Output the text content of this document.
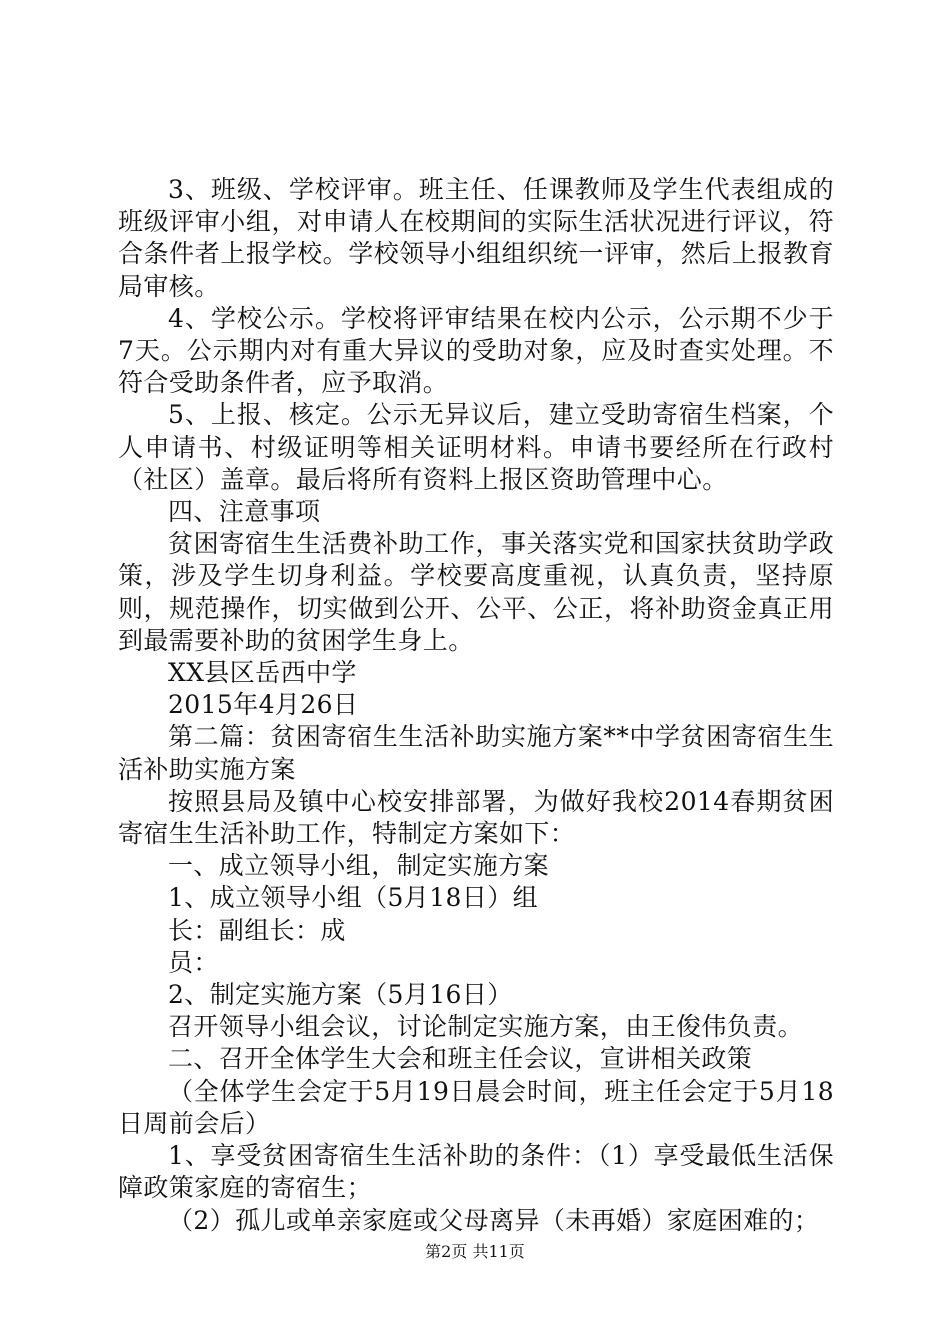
3、班级、学校评审。班主任、任课教师及学生代表组成的班级评审小组，对申请人在校期间的实际生活状况进行评议，符合条件者上报学校。学校领导小组组织统一评审，然后上报教育局审核。

4、学校公示。学校将评审结果在校内公示，公示期不少于7天。公示期内对有重大异议的受助对象，应及时查实处理。不符合受助条件者，应予取消。

5、上报、核定。公示无异议后，建立受助寄宿生档案，个人申请书、村级证明等相关证明材料。申请书要经所在行政村（社区）盖章。最后将所有资料上报区资助管理中心。

四、注意事项

贫困寄宿生生活费补助工作，事关落实党和国家扶贫助学政策，涉及学生切身利益。学校要高度重视，认真负责，坚持原则，规范操作，切实做到公开、公平、公正，将补助资金真正用到最需要补助的贫困学生身上。

XX县区岳西中学

2015年4月26日

第二篇：贫困寄宿生生活补助实施方案**中学贫困寄宿生生活补助实施方案

按照县局及镇中心校安排部署，为做好我校2014春期贫困寄宿生生活补助工作，特制定方案如下：

一、成立领导小组，制定实施方案

1、成立领导小组（5月18日）组

长：副组长：成

员：

2、制定实施方案（5月16日）

召开领导小组会议，讨论制定实施方案，由王俊伟负责。

二、召开全体学生大会和班主任会议，宣讲相关政策

（全体学生会定于5月19日晨会时间，班主任会定于5月18日周前会后）

1、享受贫困寄宿生生活补助的条件：（1）享受最低生活保障政策家庭的寄宿生；

（2）孤儿或单亲家庭或父母离异（未再婚）家庭困难的；

第2页 共11页
